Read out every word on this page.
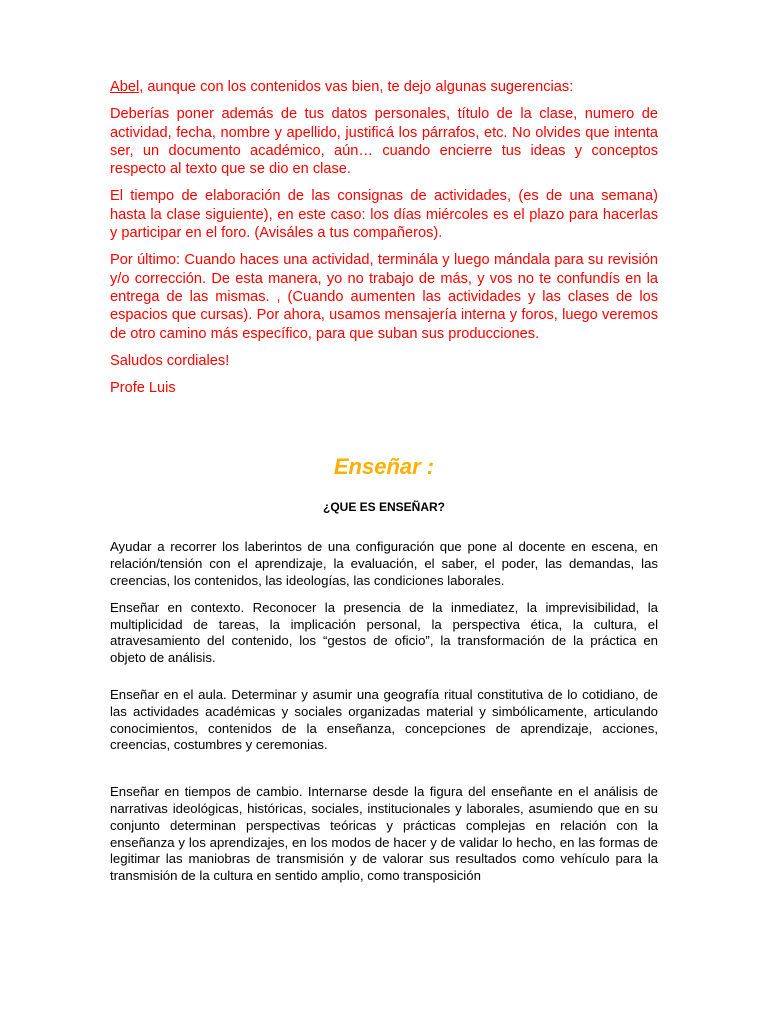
Abel, aunque con los contenidos vas bien, te dejo algunas sugerencias:

Deberías poner además de tus datos personales, título de la clase, numero de actividad, fecha, nombre y apellido, justificá los párrafos, etc. No olvides que intenta ser, un documento académico, aún… cuando encierre tus ideas y conceptos respecto al texto que se dio en clase.

El tiempo de elaboración de las consignas de actividades, (es de una semana) hasta la clase siguiente), en este caso: los días miércoles es el plazo para hacerlas y participar en el foro. (Avisáles a tus compañeros).

Por último: Cuando haces una actividad, terminála y luego mándala para su revisión y/o corrección. De esta manera, yo no trabajo de más, y vos no te confundís en la entrega de las mismas. , (Cuando aumenten las actividades y las clases de los espacios que cursas). Por ahora, usamos mensajería interna y foros, luego veremos de otro camino más específico, para que suban sus producciones.

Saludos cordiales!

Profe Luis

Enseñar :
¿QUE ES ENSEÑAR?

Ayudar a recorrer los laberintos de una configuración que pone al docente en escena, en relación/tensión con el aprendizaje, la evaluación, el saber, el poder, las demandas, las creencias, los contenidos, las ideologías, las condiciones laborales.

Enseñar en contexto. Reconocer la presencia de la inmediatez, la imprevisibilidad, la multiplicidad de tareas, la implicación personal, la perspectiva ética, la cultura, el atravesamiento del contenido, los “gestos de oficio”, la transformación de la práctica en objeto de análisis.

Enseñar en el aula. Determinar y asumir una geografía ritual constitutiva de lo cotidiano, de las actividades académicas y sociales organizadas material y simbólicamente, articulando conocimientos, contenidos de la enseñanza, concepciones de aprendizaje, acciones, creencias, costumbres y ceremonias.

Enseñar en tiempos de cambio. Internarse desde la figura del enseñante en el análisis de narrativas ideológicas, históricas, sociales, institucionales y laborales, asumiendo que en su conjunto determinan perspectivas teóricas y prácticas complejas en relación con la enseñanza y los aprendizajes, en los modos de hacer y de validar lo hecho, en las formas de legitimar las maniobras de transmisión y de valorar sus resultados como vehículo para la transmisión de la cultura en sentido amplio, como transposición
